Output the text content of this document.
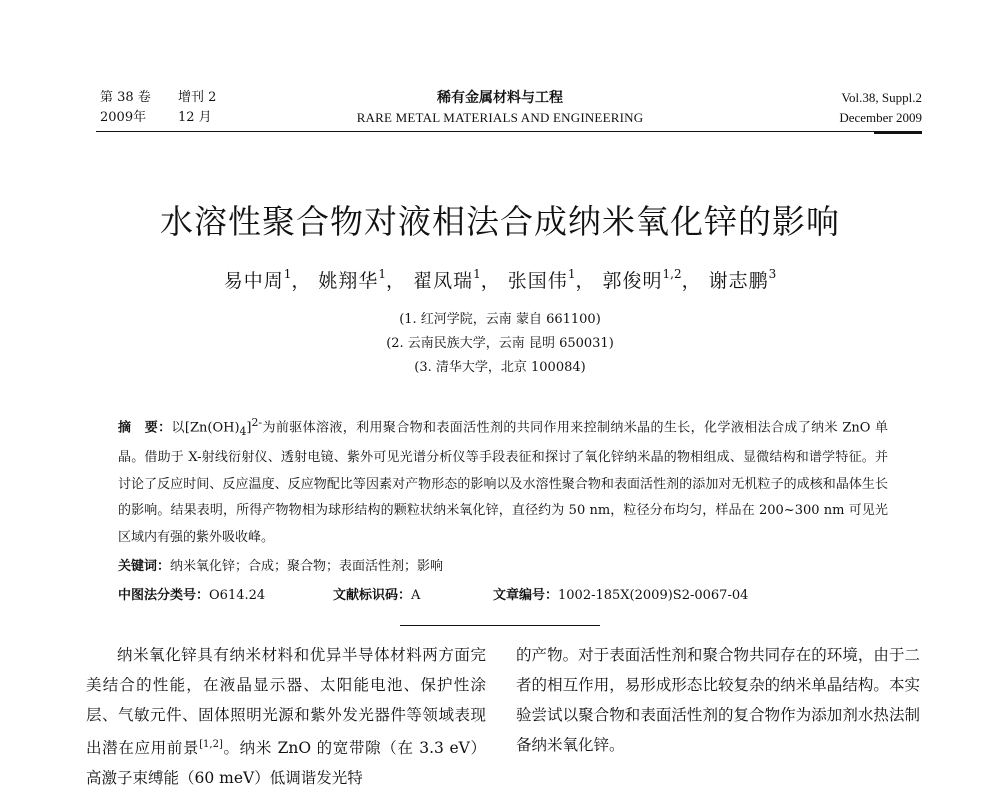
第 38 卷 增刊 2
2009年 12 月
稀有金属材料与工程
RARE METAL MATERIALS AND ENGINEERING
Vol.38, Suppl.2
December 2009
水溶性聚合物对液相法合成纳米氧化锌的影响
易中周$^1$， 姚翔华$^1$， 翟凤瑞$^1$， 张国伟$^1$， 郭俊明$^{1,2}$， 谢志鹏$^3$
(1. 红河学院，云南 蒙自 661100)
(2. 云南民族大学，云南 昆明 650031)
(3. 清华大学，北京 100084)
摘　要：以$[Zn(OH)_4]^{2-}$为前驱体溶液，利用聚合物和表面活性剂的共同作用来控制纳米晶的生长，化学液相法合成了纳米 ZnO 单晶。借助于 X-射线衍射仪、透射电镜、紫外可见光谱分析仪等手段表征和探讨了氧化锌纳米晶的物相组成、显微结构和谱学特征。并讨论了反应时间、反应温度、反应物配比等因素对产物形态的影响以及水溶性聚合物和表面活性剂的添加对无机粒子的成核和晶体生长的影响。结果表明，所得产物物相为球形结构的颗粒状纳米氧化锌，直径约为 50 nm，粒径分布均匀，样品在 200~300 nm 可见光区域内有强的紫外吸收峰。
关键词：纳米氧化锌；合成；聚合物；表面活性剂；影响
中图法分类号：O614.24	文献标识码：A	文章编号：1002-185X(2009)S2-0067-04

纳米氧化锌具有纳米材料和优异半导体材料两方面完美结合的性能，在液晶显示器、太阳能电池、保护性涂层、气敏元件、固体照明光源和紫外发光器件等领域表现出潜在应用前景[1,2]。纳米 ZnO 的宽带隙（在 3.3 eV）高激子束缚能（60 meV）低调谐发光特

的产物。对于表面活性剂和聚合物共同存在的环境，由于二者的相互作用，易形成形态比较复杂的纳米单晶结构。本实验尝试以聚合物和表面活性剂的复合物作为添加剂水热法制备纳米氧化锌。
